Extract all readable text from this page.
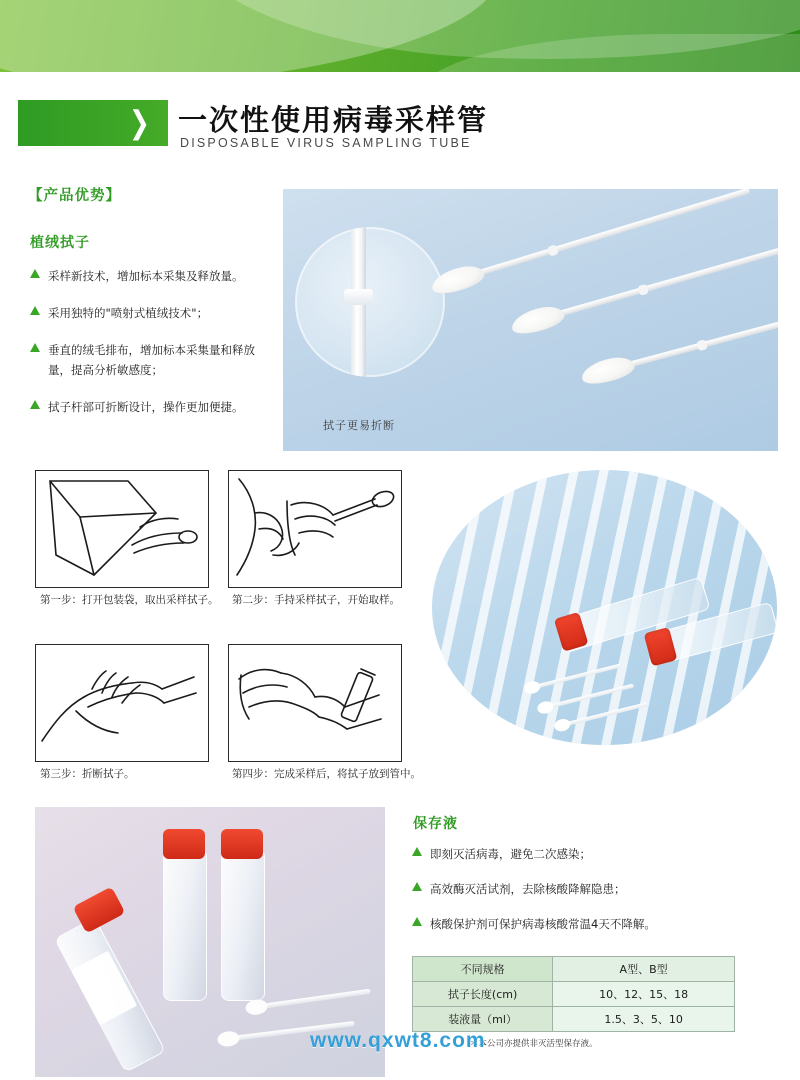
❯ 一次性使用病毒采样管
DISPOSABLE VIRUS SAMPLING TUBE
【产品优势】
植绒拭子
采样新技术，增加标本采集及释放量。
采用独特的"喷射式植绒技术"；
垂直的绒毛排布，增加标本采集量和释放量，提高分析敏感度；
拭子杆部可折断设计，操作更加便捷。
拭子更易折断
第一步：打开包装袋，取出采样拭子。 第二步：手持采样拭子，开始取样。
第三步：折断拭子。	第四步：完成采样后，将拭子放到管中。
保存液
即刻灭活病毒，避免二次感染；
高效酶灭活试剂，去除核酸降解隐患；
核酸保护剂可保护病毒核酸常温4天不降解。
不同规格	A型、B型
拭子长度(cm)	10、12、15、18
装液量（ml）	1.5、3、5、10
＊本公司亦提供非灭活型保存液。
www.qxwt8.com
